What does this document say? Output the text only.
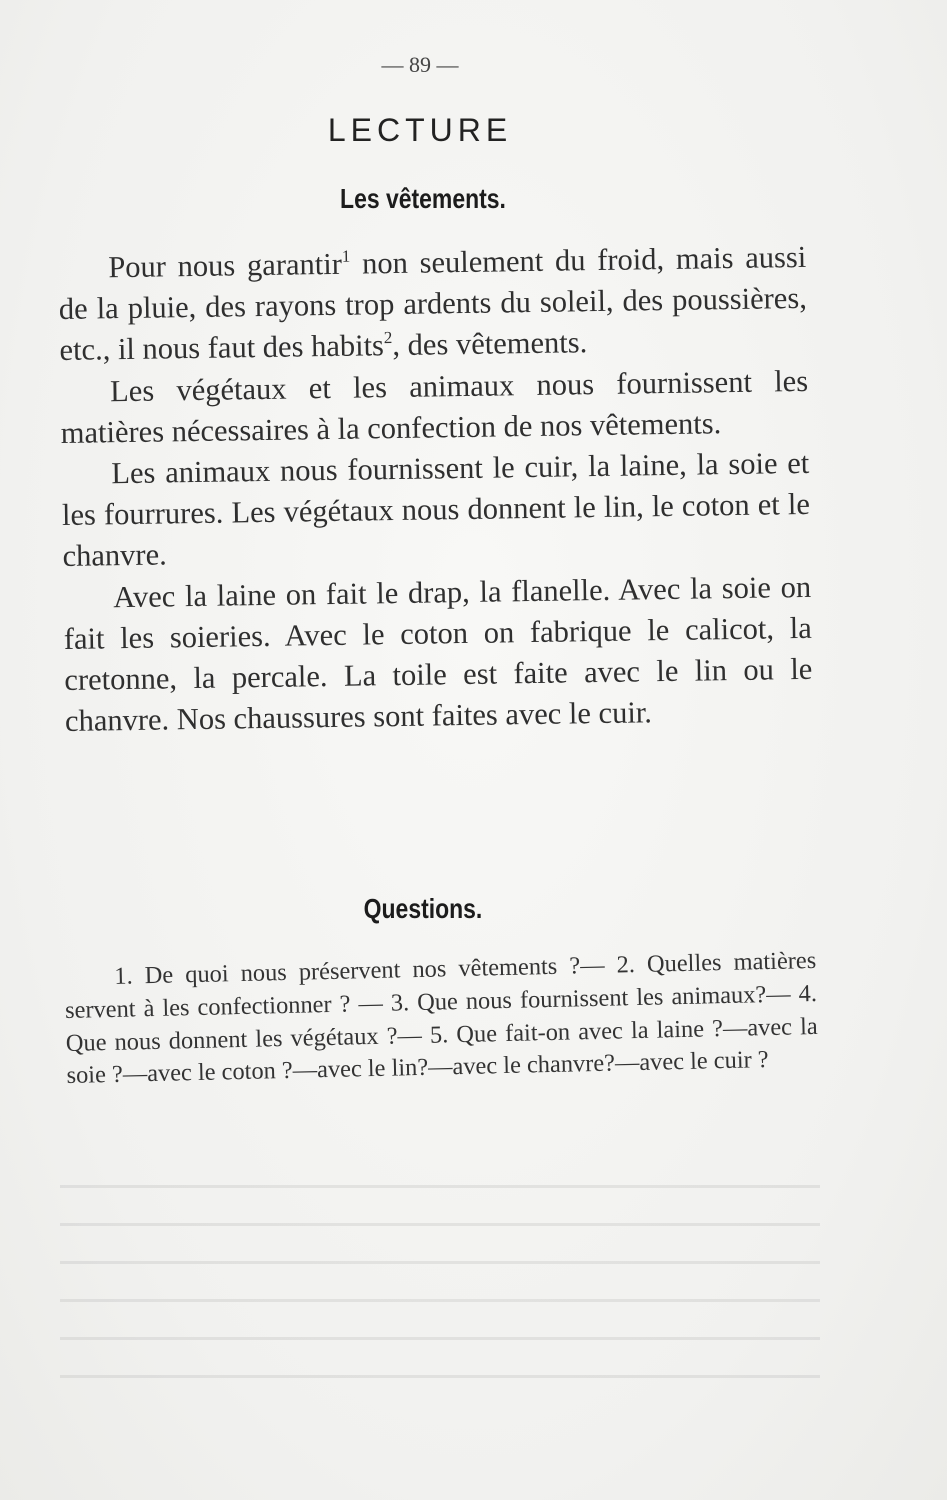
— 89 —
LECTURE
Les vêtements.

Pour nous garantir$^1$ non seulement du froid, mais aussi de la pluie, des rayons trop ardents du soleil, des poussières, etc., il nous faut des habits$^2$, des vêtements.

Les végétaux et les animaux nous fournissent les matières nécessaires à la confection de nos vêtements.

Les animaux nous fournissent le cuir, la laine, la soie et les fourrures. Les végétaux nous donnent le lin, le coton et le chanvre.

Avec la laine on fait le drap, la flanelle. Avec la soie on fait les soieries. Avec le coton on fabrique le calicot, la cretonne, la percale. La toile est faite avec le lin ou le chanvre. Nos chaussures sont faites avec le cuir.

Questions.

1. De quoi nous préservent nos vêtements ?— 2. Quelles matières servent à les confectionner ? — 3. Que nous fournissent les animaux?— 4. Que nous donnent les végétaux ?— 5. Que fait-on avec la laine ?—avec la soie ?—avec le coton ?—avec le lin?—avec le chanvre?—avec le cuir ?
